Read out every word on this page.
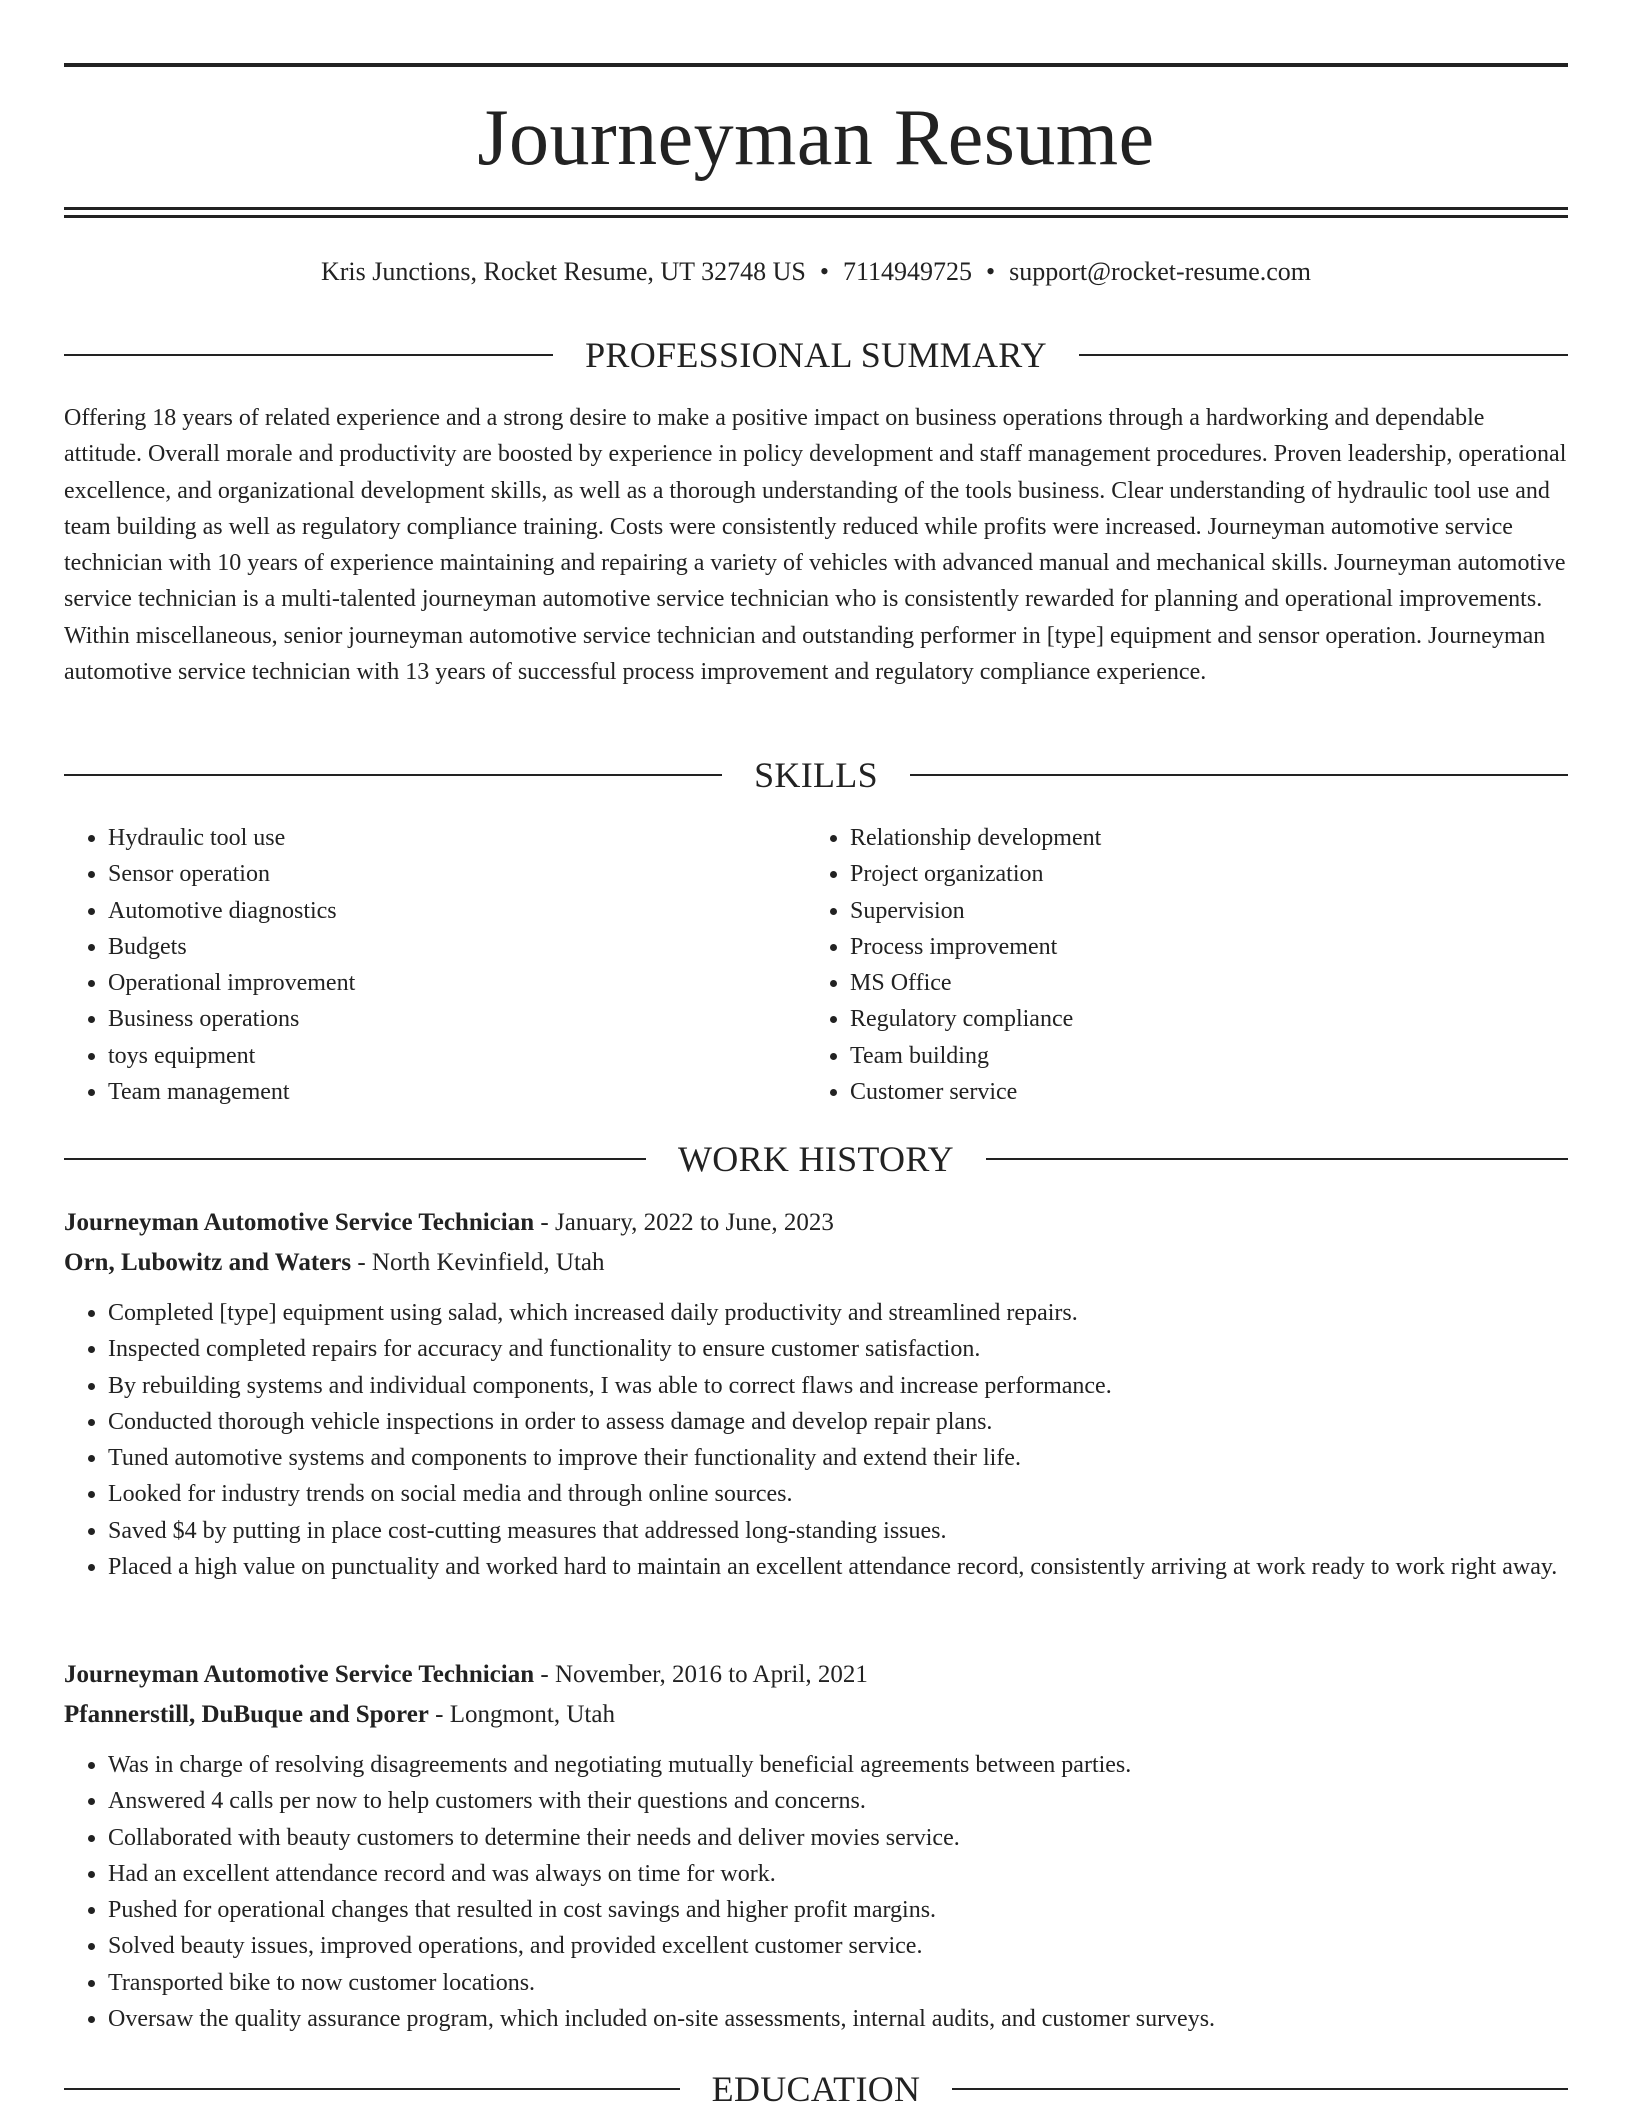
Journeyman Resume
Kris Junctions, Rocket Resume, UT 32748 US • 7114949725 • support@rocket-resume.com
PROFESSIONAL SUMMARY

Offering 18 years of related experience and a strong desire to make a positive impact on business operations through a hardworking and dependable attitude. Overall morale and productivity are boosted by experience in policy development and staff management procedures. Proven leadership, operational excellence, and organizational development skills, as well as a thorough understanding of the tools business. Clear understanding of hydraulic tool use and team building as well as regulatory compliance training. Costs were consistently reduced while profits were increased. Journeyman automotive service technician with 10 years of experience maintaining and repairing a variety of vehicles with advanced manual and mechanical skills. Journeyman automotive service technician is a multi-talented journeyman automotive service technician who is consistently rewarded for planning and operational improvements. Within miscellaneous, senior journeyman automotive service technician and outstanding performer in [type] equipment and sensor operation. Journeyman automotive service technician with 13 years of successful process improvement and regulatory compliance experience.

SKILLS
• Hydraulic tool use
• Sensor operation
• Automotive diagnostics
• Budgets
• Operational improvement
• Business operations
• toys equipment
• Team management
• Relationship development
• Project organization
• Supervision
• Process improvement
• MS Office
• Regulatory compliance
• Team building
• Customer service
WORK HISTORY
Journeyman Automotive Service Technician - January, 2022 to June, 2023
Orn, Lubowitz and Waters - North Kevinfield, Utah
• Completed [type] equipment using salad, which increased daily productivity and streamlined repairs.
• Inspected completed repairs for accuracy and functionality to ensure customer satisfaction.
• By rebuilding systems and individual components, I was able to correct flaws and increase performance.
• Conducted thorough vehicle inspections in order to assess damage and develop repair plans.
• Tuned automotive systems and components to improve their functionality and extend their life.
• Looked for industry trends on social media and through online sources.
• Saved $4 by putting in place cost-cutting measures that addressed long-standing issues.
• Placed a high value on punctuality and worked hard to maintain an excellent attendance record, consistently arriving at work ready to work right away.
Journeyman Automotive Service Technician - November, 2016 to April, 2021
Pfannerstill, DuBuque and Sporer - Longmont, Utah
• Was in charge of resolving disagreements and negotiating mutually beneficial agreements between parties.
• Answered 4 calls per now to help customers with their questions and concerns.
• Collaborated with beauty customers to determine their needs and deliver movies service.
• Had an excellent attendance record and was always on time for work.
• Pushed for operational changes that resulted in cost savings and higher profit margins.
• Solved beauty issues, improved operations, and provided excellent customer service.
• Transported bike to now customer locations.
• Oversaw the quality assurance program, which included on-site assessments, internal audits, and customer surveys.
EDUCATION
